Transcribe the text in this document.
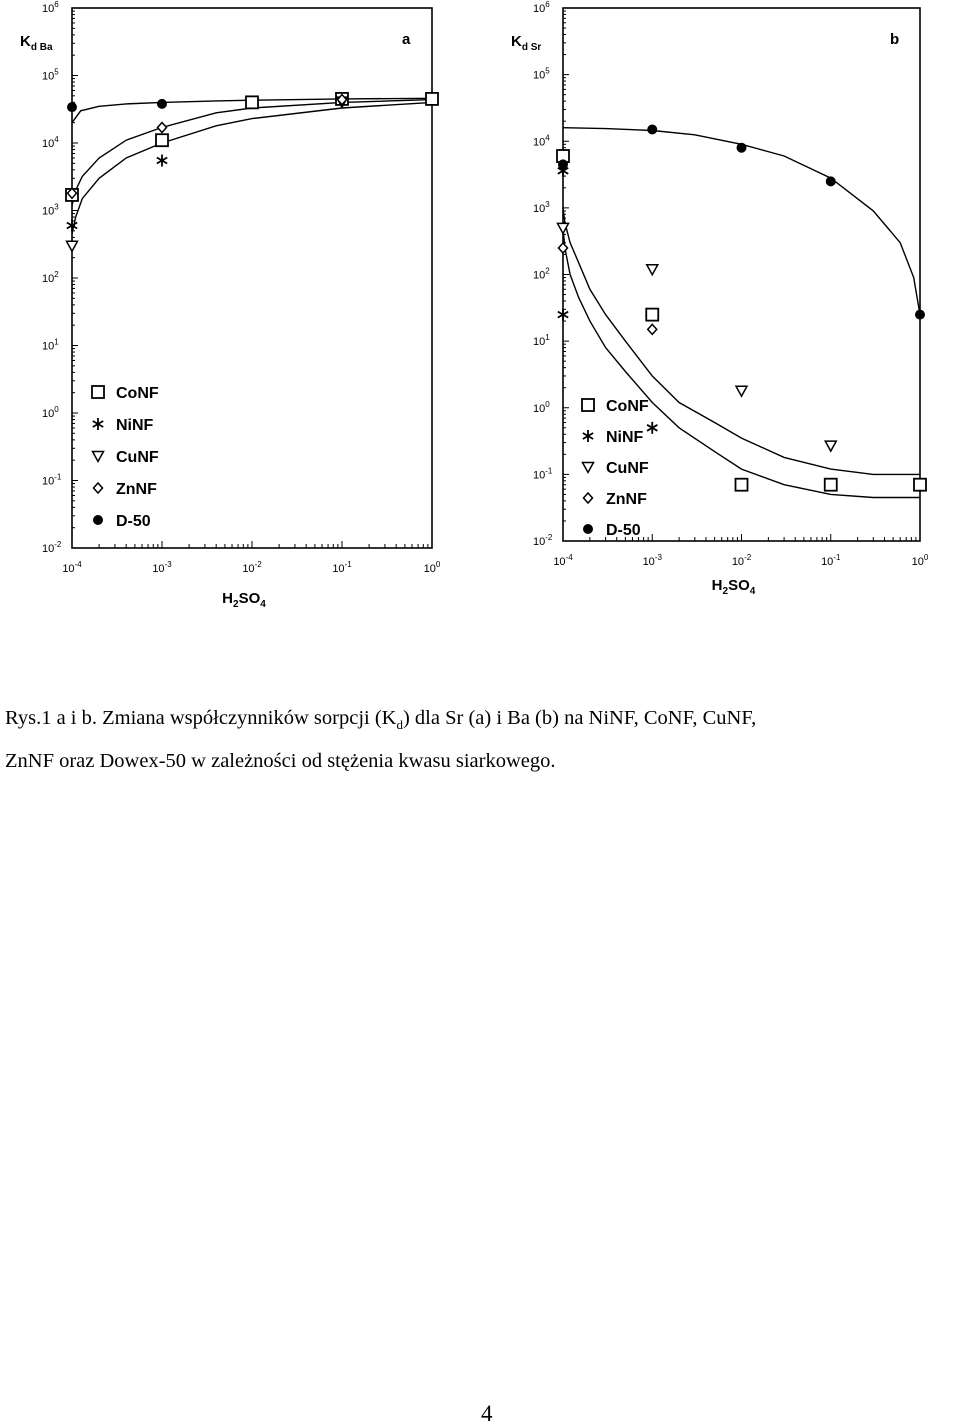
$10^{-2}$
$10^{-1}$
$10^0$
$10^1$
$10^2$
$10^3$
$10^4$
$10^5$
$10^6$
$10^{-4}$	$10^{-3}$	$10^{-2}$	$10^{-1}$	$10^0$
$K_{d Ba}$
$H_2SO_4$
a
CoNF
NiNF
CuNF
ZnNF
D-50
$10^{-2}$
$10^{-1}$
$10^0$
$10^1$
$10^2$
$10^3$
$10^4$
$10^5$
$10^6$
$10^{-4}$	$10^{-3}$	$10^{-2}$	$10^{-1}$	$10^0$
$K_{d Sr}$
$H_2SO_4$
b
CoNF
NiNF
CuNF
ZnNF
D-50

Rys.1 a i b. Zmiana współczynników sorpcji $(K_d)$ dla Sr (a) i Ba (b) na NiNF, CoNF, CuNF,

ZnNF oraz Dowex-50 w zależności od stężenia kwasu siarkowego.

4
